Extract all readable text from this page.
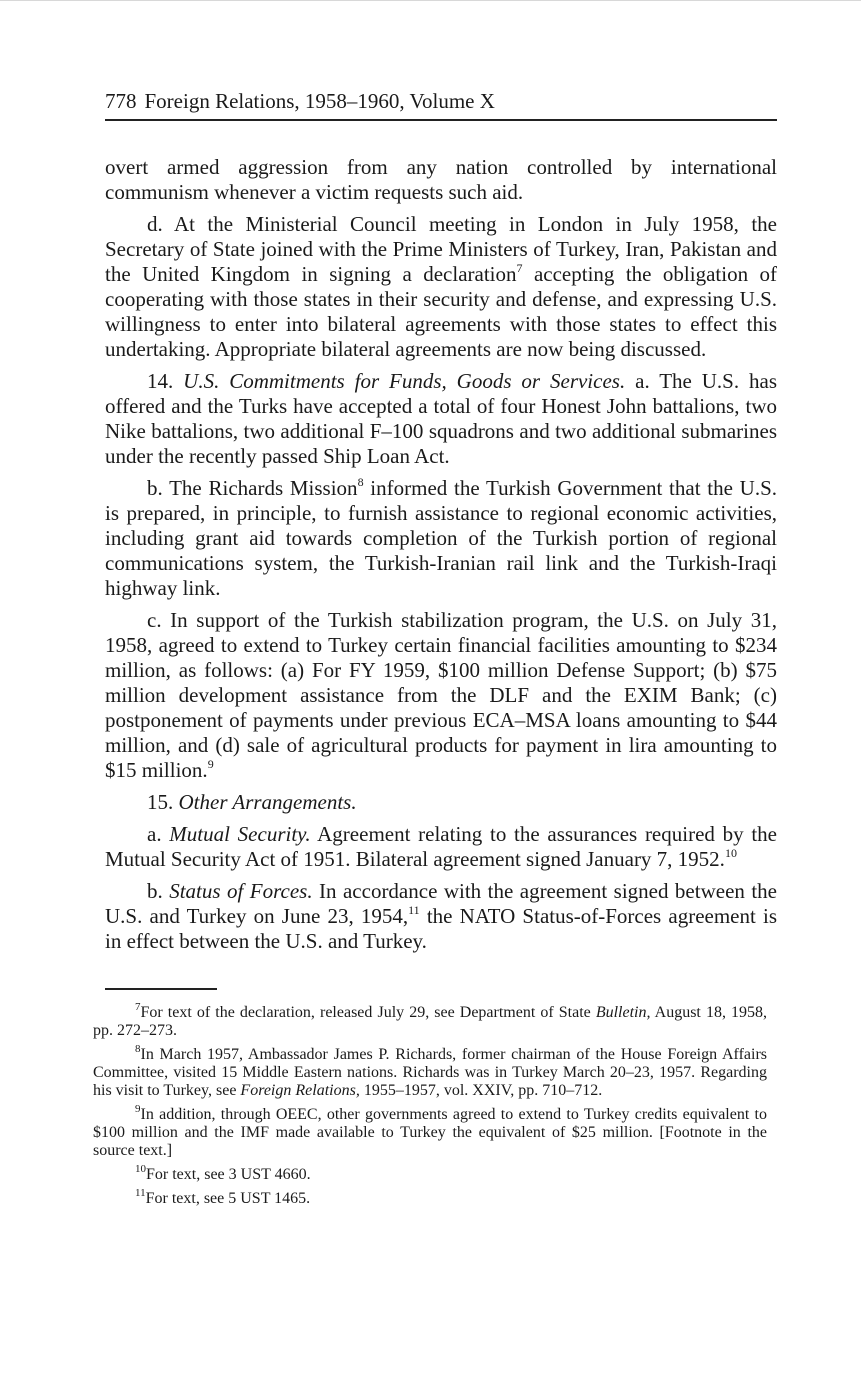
778 Foreign Relations, 1958–1960, Volume X

overt armed aggression from any nation controlled by international communism whenever a victim requests such aid.

d. At the Ministerial Council meeting in London in July 1958, the Secretary of State joined with the Prime Ministers of Turkey, Iran, Pakistan and the United Kingdom in signing a declaration$^7$ accepting the obligation of cooperating with those states in their security and defense, and expressing U.S. willingness to enter into bilateral agreements with those states to effect this undertaking. Appropriate bilateral agreements are now being discussed.

14. U.S. Commitments for Funds, Goods or Services. a. The U.S. has offered and the Turks have accepted a total of four Honest John battalions, two Nike battalions, two additional F–100 squadrons and two additional submarines under the recently passed Ship Loan Act.

b. The Richards Mission$^8$ informed the Turkish Government that the U.S. is prepared, in principle, to furnish assistance to regional economic activities, including grant aid towards completion of the Turkish portion of regional communications system, the Turkish-Iranian rail link and the Turkish-Iraqi highway link.

c. In support of the Turkish stabilization program, the U.S. on July 31, 1958, agreed to extend to Turkey certain financial facilities amounting to $234 million, as follows: (a) For FY 1959, $100 million Defense Support; (b) $75 million development assistance from the DLF and the EXIM Bank; (c) postponement of payments under previous ECA–MSA loans amounting to $44 million, and (d) sale of agricultural products for payment in lira amounting to $15 million.$^9$

15. Other Arrangements.

a. Mutual Security. Agreement relating to the assurances required by the Mutual Security Act of 1951. Bilateral agreement signed January 7, 1952.10

b. Status of Forces. In accordance with the agreement signed between the U.S. and Turkey on June 23, 1954,11 the NATO Status-of-Forces agreement is in effect between the U.S. and Turkey.

$^7$For text of the declaration, released July 29, see Department of State Bulletin, August 18, 1958, pp. 272–273.

$^8$In March 1957, Ambassador James P. Richards, former chairman of the House Foreign Affairs Committee, visited 15 Middle Eastern nations. Richards was in Turkey March 20–23, 1957. Regarding his visit to Turkey, see Foreign Relations, 1955–1957, vol. XXIV, pp. 710–712.

$^9$In addition, through OEEC, other governments agreed to extend to Turkey credits equivalent to $100 million and the IMF made available to Turkey the equivalent of $25 million. [Footnote in the source text.]

$^{10}$For text, see 3 UST 4660.

$^{11}$For text, see 5 UST 1465.
